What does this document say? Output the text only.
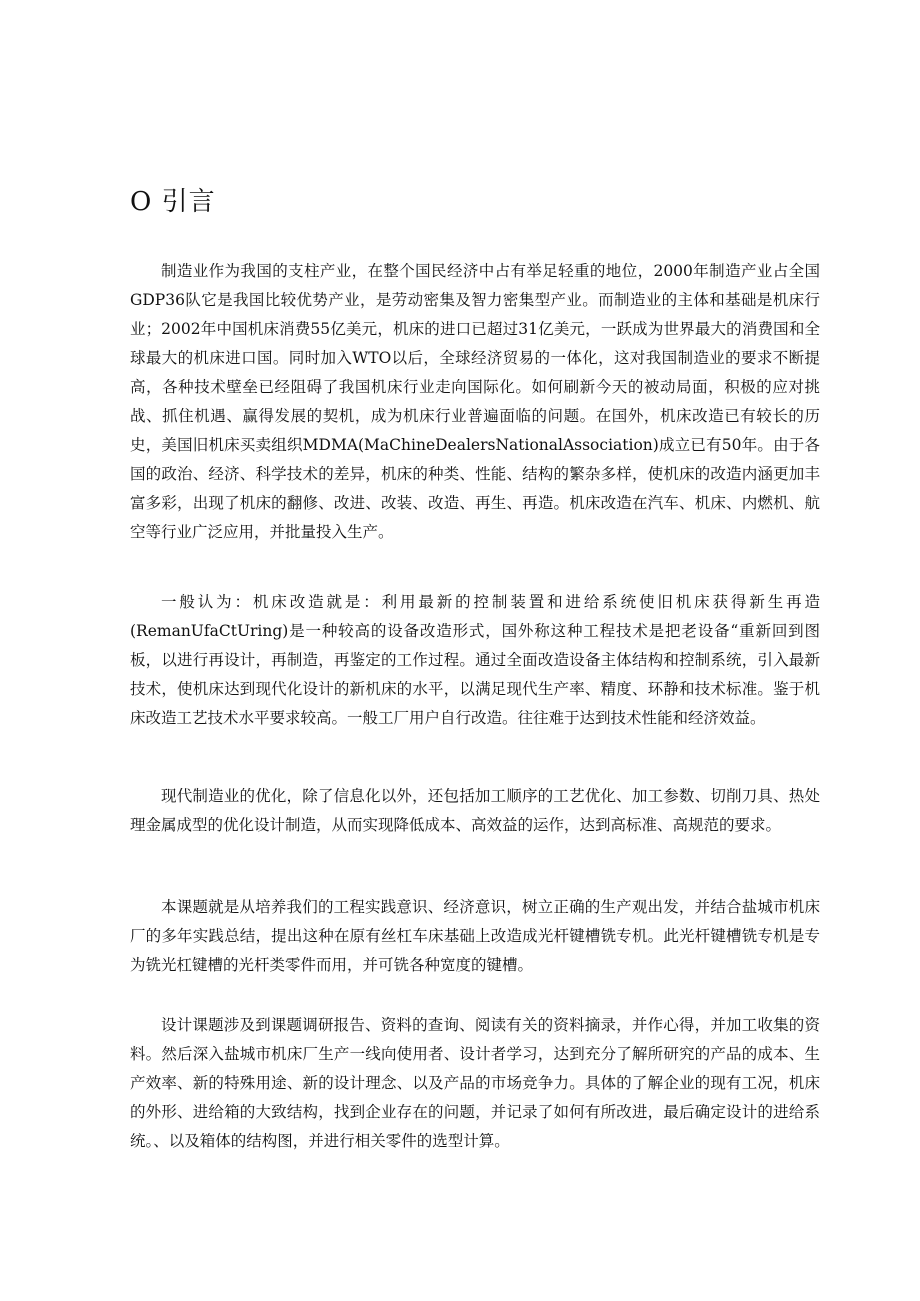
O 引言

制造业作为我国的支柱产业，在整个国民经济中占有举足轻重的地位，2000年制造产业占全国GDP36队它是我国比较优势产业，是劳动密集及智力密集型产业。而制造业的主体和基础是机床行业；2002年中国机床消费55亿美元，机床的进口已超过31亿美元，一跃成为世界最大的消费国和全球最大的机床进口国。同时加入WTO以后，全球经济贸易的一体化，这对我国制造业的要求不断提高，各种技术壁垒已经阻碍了我国机床行业走向国际化。如何刷新今天的被动局面，积极的应对挑战、抓住机遇、赢得发展的契机，成为机床行业普遍面临的问题。在国外，机床改造已有较长的历史，美国旧机床买卖组织MDMA(MaChineDealersNationalAssociation)成立已有50年。由于各国的政治、经济、科学技术的差异，机床的种类、性能、结构的繁杂多样，使机床的改造内涵更加丰富多彩，出现了机床的翻修、改进、改装、改造、再生、再造。机床改造在汽车、机床、内燃机、航空等行业广泛应用，并批量投入生产。

一般认为：机床改造就是：利用最新的控制装置和进给系统使旧机床获得新生再造(RemanUfaCtUring)是一种较高的设备改造形式，国外称这种工程技术是把老设备“重新回到图板，以进行再设计，再制造，再鉴定的工作过程。通过全面改造设备主体结构和控制系统，引入最新技术，使机床达到现代化设计的新机床的水平，以满足现代生产率、精度、环静和技术标准。鉴于机床改造工艺技术水平要求较高。一般工厂用户自行改造。往往难于达到技术性能和经济效益。

现代制造业的优化，除了信息化以外，还包括加工顺序的工艺优化、加工参数、切削刀具、热处理金属成型的优化设计制造，从而实现降低成本、高效益的运作，达到高标准、高规范的要求。

本课题就是从培养我们的工程实践意识、经济意识，树立正确的生产观出发，并结合盐城市机床厂的多年实践总结，提出这种在原有丝杠车床基础上改造成光杆键槽铣专机。此光杆键槽铣专机是专为铣光杠键槽的光杆类零件而用，并可铣各种宽度的键槽。

设计课题涉及到课题调研报告、资料的查询、阅读有关的资料摘录，并作心得，并加工收集的资料。然后深入盐城市机床厂生产一线向使用者、设计者学习，达到充分了解所研究的产品的成本、生产效率、新的特殊用途、新的设计理念、以及产品的市场竞争力。具体的了解企业的现有工况，机床的外形、进给箱的大致结构，找到企业存在的问题，并记录了如何有所改进，最后确定设计的进给系统。、以及箱体的结构图，并进行相关零件的选型计算。
